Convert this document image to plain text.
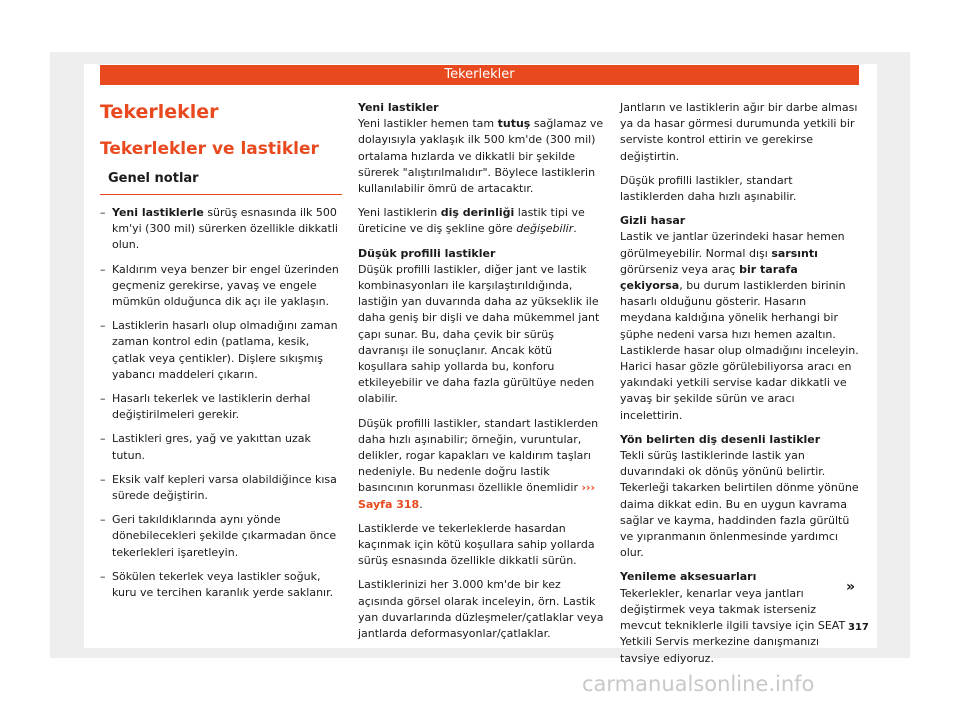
Tekerlekler
Tekerlekler
Tekerlekler ve lastikler
Genel notlar
– Yeni lastiklerle sürüş esnasında ilk 500 km'yi (300 mil) sürerken özellikle dikkatli olun.
– Kaldırım veya benzer bir engel üzerinden geçmeniz gerekirse, yavaş ve engele mümkün olduğunca dik açı ile yaklaşın.
– Lastiklerin hasarlı olup olmadığını zaman zaman kontrol edin (patlama, kesik, çatlak veya çentikler). Dişlere sıkışmış yabancı maddeleri çıkarın.
– Hasarlı tekerlek ve lastiklerin derhal değiştirilmeleri gerekir.
– Lastikleri gres, yağ ve yakıttan uzak tutun.
– Eksik valf kepleri varsa olabildiğince kısa sürede değiştirin.
– Geri takıldıklarında aynı yönde dönebilecekleri şekilde çıkarmadan önce tekerlekleri işaretleyin.
– Sökülen tekerlek veya lastikler soğuk, kuru ve tercihen karanlık yerde saklanır.

Yeni lastikler

Yeni lastikler hemen tam tutuş sağlamaz ve dolayısıyla yaklaşık ilk 500 km'de (300 mil) ortalama hızlarda ve dikkatli bir şekilde sürerek "alıştırılmalıdır". Böylece lastiklerin kullanılabilir ömrü de artacaktır.

Yeni lastiklerin diş derinliği lastik tipi ve üreticine ve diş şekline göre değişebilir.

Düşük profilli lastikler

Düşük profilli lastikler, diğer jant ve lastik kombinasyonları ile karşılaştırıldığında, lastiğin yan duvarında daha az yükseklik ile daha geniş bir dişli ve daha mükemmel jant çapı sunar. Bu, daha çevik bir sürüş davranışı ile sonuçlanır. Ancak kötü koşullara sahip yollarda bu, konforu etkileyebilir ve daha fazla gürültüye neden olabilir.

Düşük profilli lastikler, standart lastiklerden daha hızlı aşınabilir; örneğin, vuruntular, delikler, rogar kapakları ve kaldırım taşları nedeniyle. Bu nedenle doğru lastik basıncının korunması özellikle önemlidir ››› Sayfa 318.

Lastiklerde ve tekerleklerde hasardan kaçınmak için kötü koşullara sahip yollarda sürüş esnasında özellikle dikkatli sürün.

Lastiklerinizi her 3.000 km'de bir kez açısında görsel olarak inceleyin, örn. Lastik yan duvarlarında düzleşmeler/çatlaklar veya jantlarda deformasyonlar/çatlaklar.

Jantların ve lastiklerin ağır bir darbe alması ya da hasar görmesi durumunda yetkili bir serviste kontrol ettirin ve gerekirse değiştirtin.

Düşük profilli lastikler, standart lastiklerden daha hızlı aşınabilir.

Gizli hasar

Lastik ve jantlar üzerindeki hasar hemen görülmeyebilir. Normal dışı sarsıntı görürseniz veya araç bir tarafa çekiyorsa, bu durum lastiklerden birinin hasarlı olduğunu gösterir. Hasarın meydana kaldığına yönelik herhangi bir şüphe nedeni varsa hızı hemen azaltın. Lastiklerde hasar olup olmadığını inceleyin. Harici hasar gözle görülebiliyorsa aracı en yakındaki yetkili servise kadar dikkatli ve yavaş bir şekilde sürün ve aracı incelettirin.

Yön belirten diş desenli lastikler

Tekli sürüş lastiklerinde lastik yan duvarındaki ok dönüş yönünü belirtir. Tekerleği takarken belirtilen dönme yönüne daima dikkat edin. Bu en uygun kavrama sağlar ve kayma, haddinden fazla gürültü ve yıpranmanın önlenmesinde yardımcı olur.

Yenileme aksesuarları

Tekerlekler, kenarlar veya jantları değiştirmek veya takmak isterseniz mevcut tekniklerle ilgili tavsiye için SEAT Yetkili Servis merkezine danışmanızı tavsiye ediyoruz.

»
317
carmanualsonline.info
